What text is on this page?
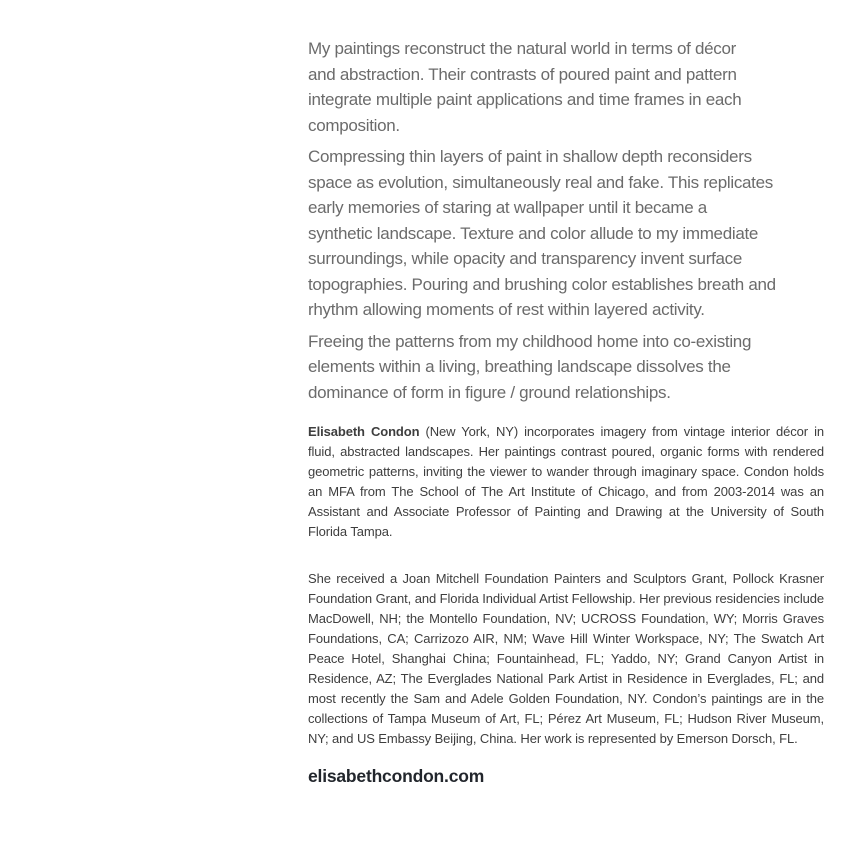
My paintings reconstruct the natural world in terms of décor
and abstraction. Their contrasts of poured paint and pattern
integrate multiple paint applications and time frames in each
composition.
Compressing thin layers of paint in shallow depth reconsiders
space as evolution, simultaneously real and fake. This replicates
early memories of staring at wallpaper until it became a
synthetic landscape. Texture and color allude to my immediate
surroundings, while opacity and transparency invent surface
topographies. Pouring and brushing color establishes breath and
rhythm allowing moments of rest within layered activity.
Freeing the patterns from my childhood home into co-existing
elements within a living, breathing landscape dissolves the
dominance of form in figure / ground relationships.

Elisabeth Condon (New York, NY) incorporates imagery from vintage interior décor in fluid, abstracted landscapes. Her paintings contrast poured, organic forms with rendered geometric patterns, inviting the viewer to wander through imaginary space. Condon holds an MFA from The School of The Art Institute of Chicago, and from 2003-2014 was an Assistant and Associate Professor of Painting and Drawing at the University of South Florida Tampa.

She received a Joan Mitchell Foundation Painters and Sculptors Grant, Pollock Krasner Foundation Grant, and Florida Individual Artist Fellowship. Her previous residencies include MacDowell, NH; the Montello Foundation, NV; UCROSS Foundation, WY; Morris Graves Foundations, CA; Carrizozo AIR, NM; Wave Hill Winter Workspace, NY; The Swatch Art Peace Hotel, Shanghai China; Fountainhead, FL; Yaddo, NY; Grand Canyon Artist in Residence, AZ; The Everglades National Park Artist in Residence in Everglades, FL; and most recently the Sam and Adele Golden Foundation, NY. Condon’s paintings are in the collections of Tampa Museum of Art, FL; Pérez Art Museum, FL; Hudson River Museum, NY; and US Embassy Beijing, China. Her work is represented by Emerson Dorsch, FL.

elisabethcondon.com
